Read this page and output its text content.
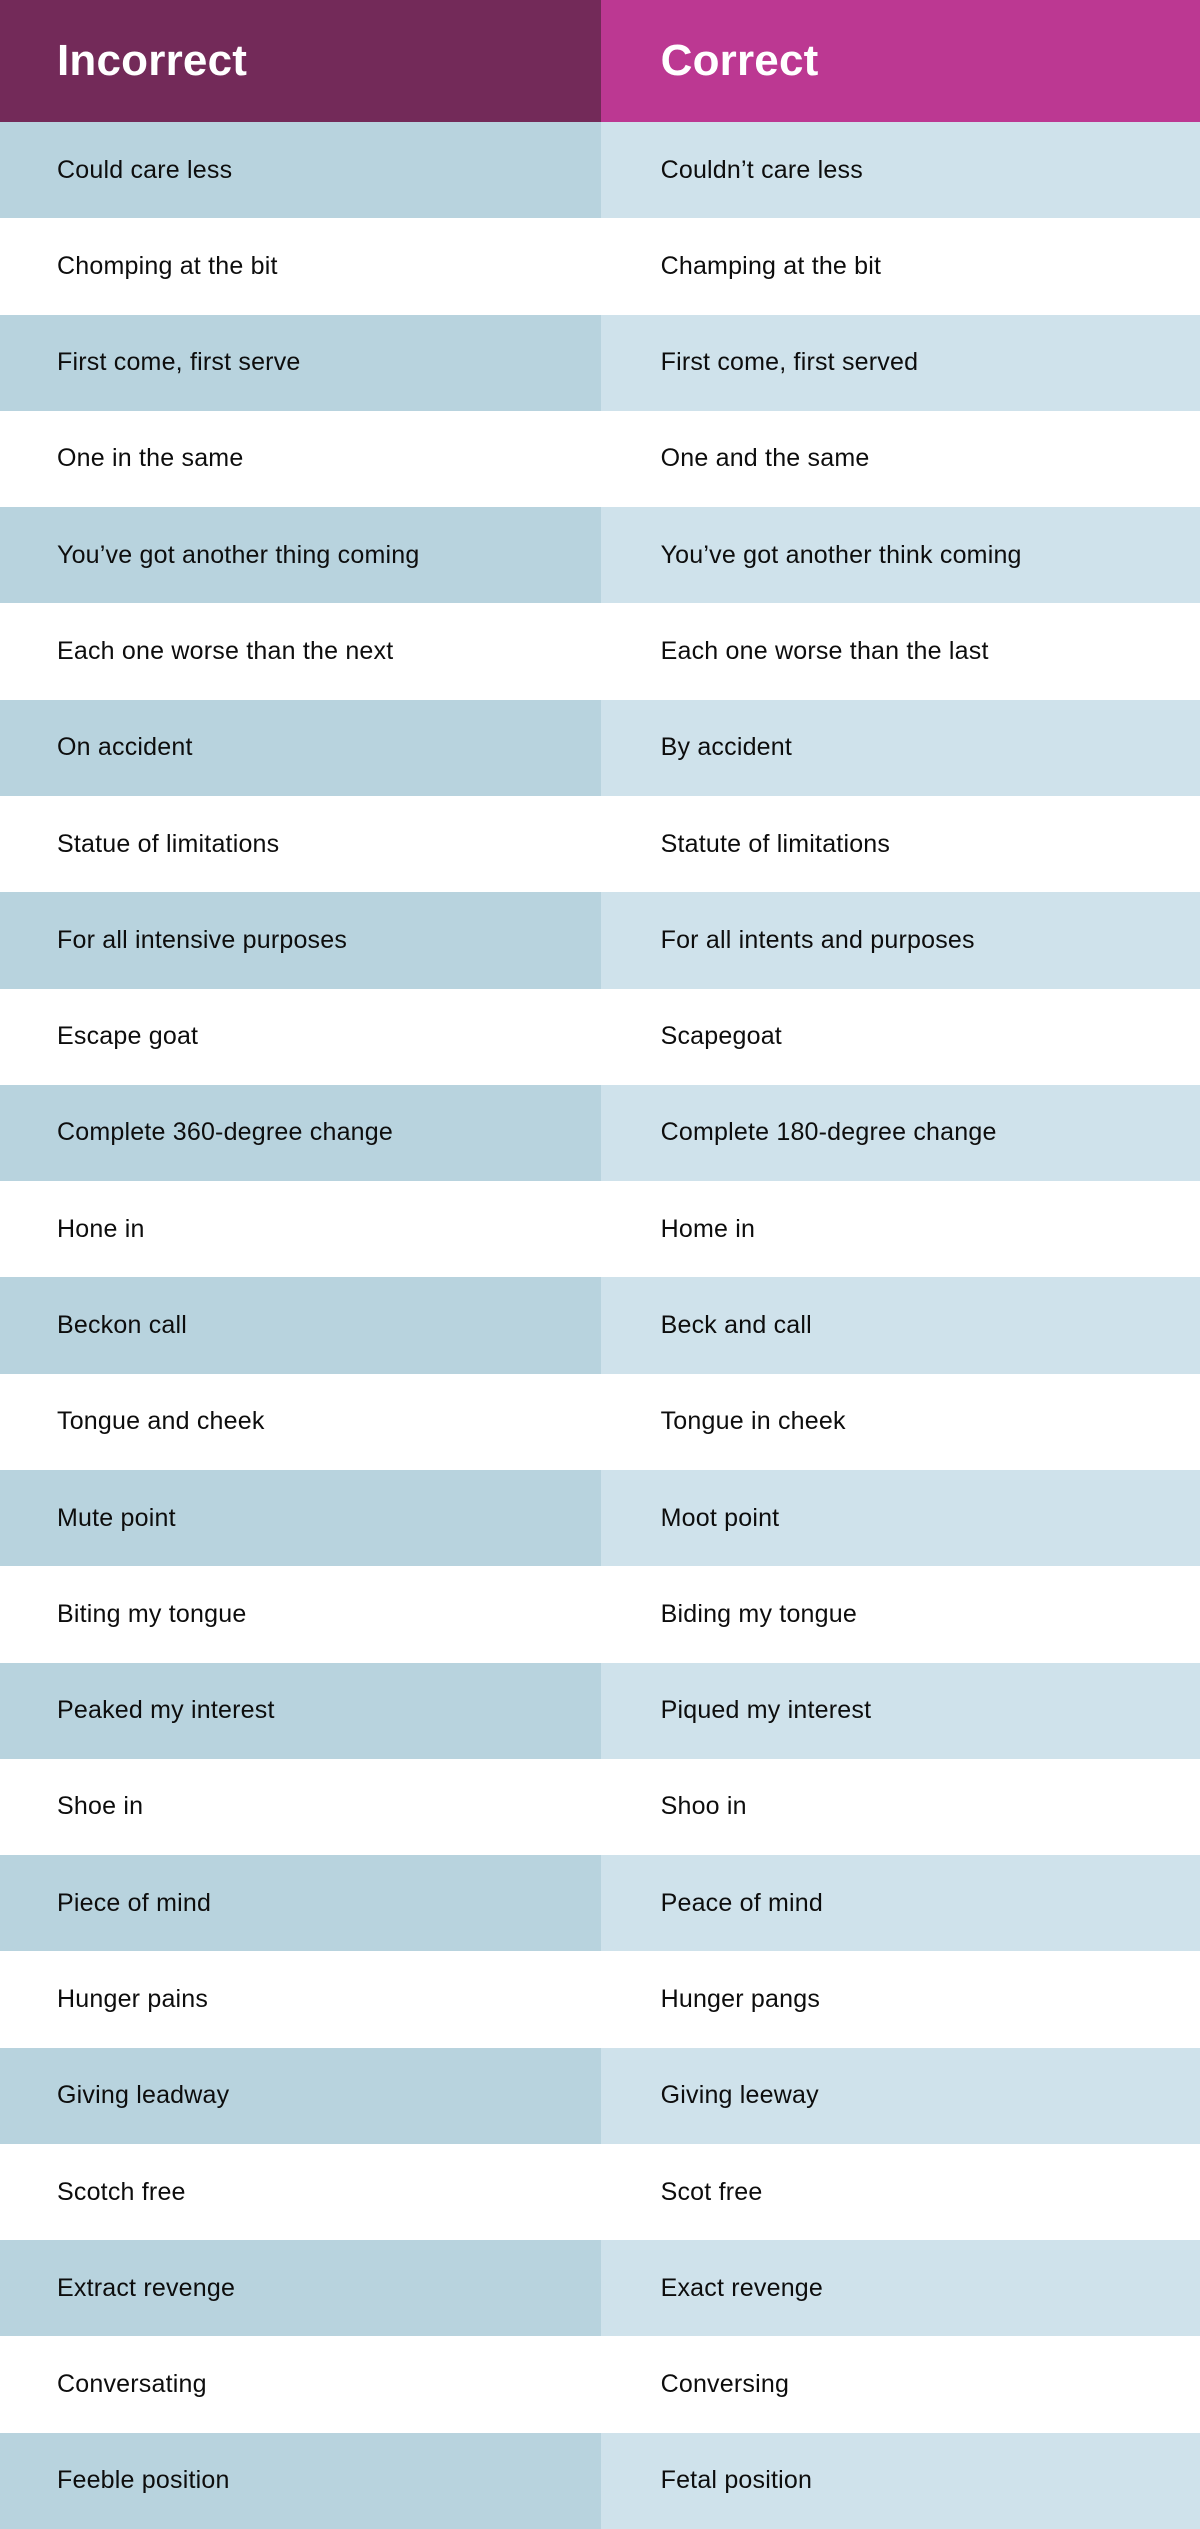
Incorrect	Correct
Could care less	Couldn’t care less
Chomping at the bit	Champing at the bit
First come, first serve	First come, first served
One in the same	One and the same
You’ve got another thing coming	You’ve got another think coming
Each one worse than the next	Each one worse than the last
On accident	By accident
Statue of limitations	Statute of limitations
For all intensive purposes	For all intents and purposes
Escape goat	Scapegoat
Complete 360-degree change	Complete 180-degree change
Hone in	Home in
Beckon call	Beck and call
Tongue and cheek	Tongue in cheek
Mute point	Moot point
Biting my tongue	Biding my tongue
Peaked my interest	Piqued my interest
Shoe in	Shoo in
Piece of mind	Peace of mind
Hunger pains	Hunger pangs
Giving leadway	Giving leeway
Scotch free	Scot free
Extract revenge	Exact revenge
Conversating	Conversing
Feeble position	Fetal position
